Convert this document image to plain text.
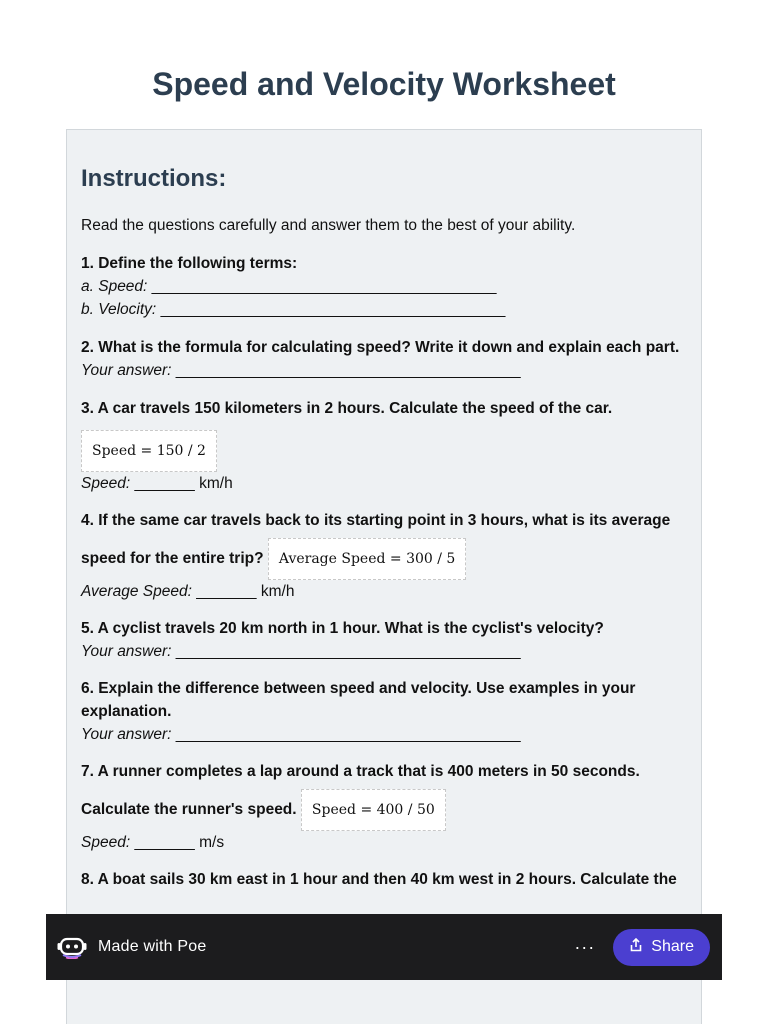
Speed and Velocity Worksheet
Instructions:

Read the questions carefully and answer them to the best of your ability.

1. Define the following terms:

a. Speed: ________________________________________

b. Velocity: ________________________________________

2. What is the formula for calculating speed? Write it down and explain each part.

Your answer: ________________________________________

3. A car travels 150 kilometers in 2 hours. Calculate the speed of the car.

Speed = 150 / 2

Speed: _______ km/h

4. If the same car travels back to its starting point in 3 hours, what is its average

speed for the entire trip? Average Speed = 300 / 5

Average Speed: _______ km/h

5. A cyclist travels 20 km north in 1 hour. What is the cyclist's velocity?

Your answer: ________________________________________

6. Explain the difference between speed and velocity. Use examples in your explanation.

Your answer: ________________________________________

7. A runner completes a lap around a track that is 400 meters in 50 seconds.

Calculate the runner's speed. Speed = 400 / 50

Speed: _______ m/s

8. A boat sails 30 km east in 1 hour and then 40 km west in 2 hours. Calculate the

Made with Poe	···	Share
